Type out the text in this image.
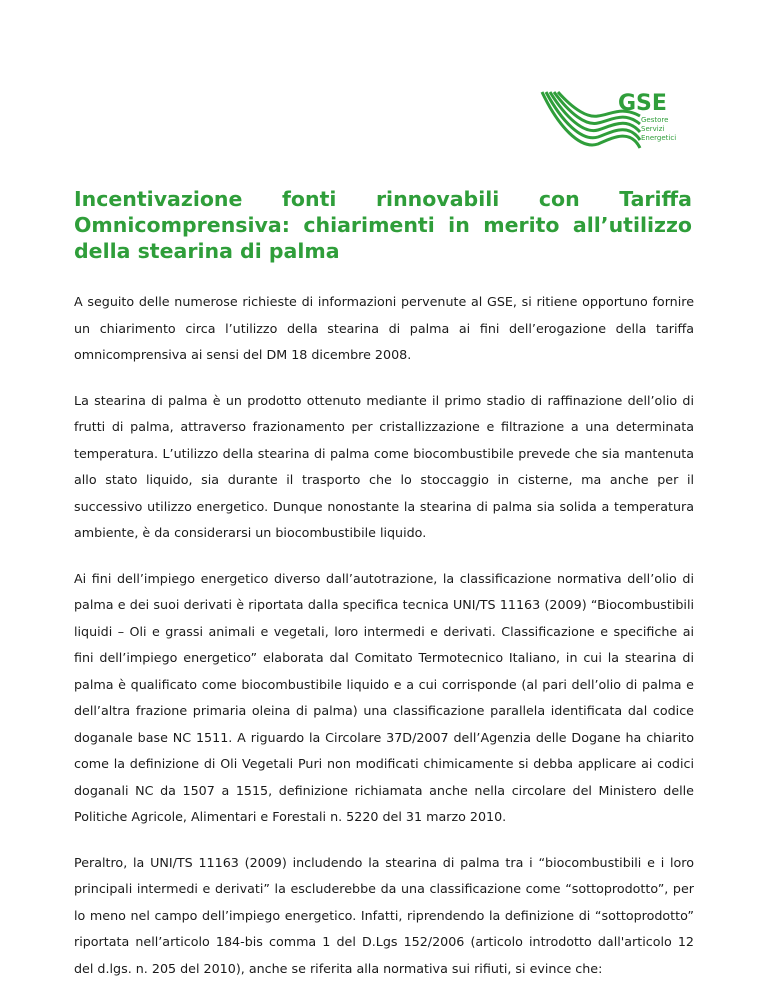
GSE
Gestore
Servizi
Energetici
Incentivazione fonti rinnovabili con Tariffa Omnicomprensiva: chiarimenti in merito all’utilizzo della stearina di palma

A seguito delle numerose richieste di informazioni pervenute al GSE, si ritiene opportuno fornire un chiarimento circa l’utilizzo della stearina di palma ai fini dell’erogazione della tariffa omnicomprensiva ai sensi del DM 18 dicembre 2008.

La stearina di palma è un prodotto ottenuto mediante il primo stadio di raffinazione dell’olio di frutti di palma, attraverso frazionamento per cristallizzazione e filtrazione a una determinata temperatura. L’utilizzo della stearina di palma come biocombustibile prevede che sia mantenuta allo stato liquido, sia durante il trasporto che lo stoccaggio in cisterne, ma anche per il successivo utilizzo energetico. Dunque nonostante la stearina di palma sia solida a temperatura ambiente, è da considerarsi un biocombustibile liquido.

Ai fini dell’impiego energetico diverso dall’autotrazione, la classificazione normativa dell’olio di palma e dei suoi derivati è riportata dalla specifica tecnica UNI/TS 11163 (2009) “Biocombustibili liquidi – Oli e grassi animali e vegetali, loro intermedi e derivati. Classificazione e specifiche ai fini dell’impiego energetico” elaborata dal Comitato Termotecnico Italiano, in cui la stearina di palma è qualificato come biocombustibile liquido e a cui corrisponde (al pari dell’olio di palma e dell’altra frazione primaria oleina di palma) una classificazione parallela identificata dal codice doganale base NC 1511. A riguardo la Circolare 37D/2007 dell’Agenzia delle Dogane ha chiarito come la definizione di Oli Vegetali Puri non modificati chimicamente si debba applicare ai codici doganali NC da 1507 a 1515, definizione richiamata anche nella circolare del Ministero delle Politiche Agricole, Alimentari e Forestali n. 5220 del 31 marzo 2010.

Peraltro, la UNI/TS 11163 (2009) includendo la stearina di palma tra i “biocombustibili e i loro principali intermedi e derivati” la escluderebbe da una classificazione come “sottoprodotto”, per lo meno nel campo dell’impiego energetico. Infatti, riprendendo la definizione di “sottoprodotto” riportata nell’articolo 184-bis comma 1 del D.Lgs 152/2006 (articolo introdotto dall'articolo 12 del d.lgs. n. 205 del 2010), anche se riferita alla normativa sui rifiuti, si evince che:
